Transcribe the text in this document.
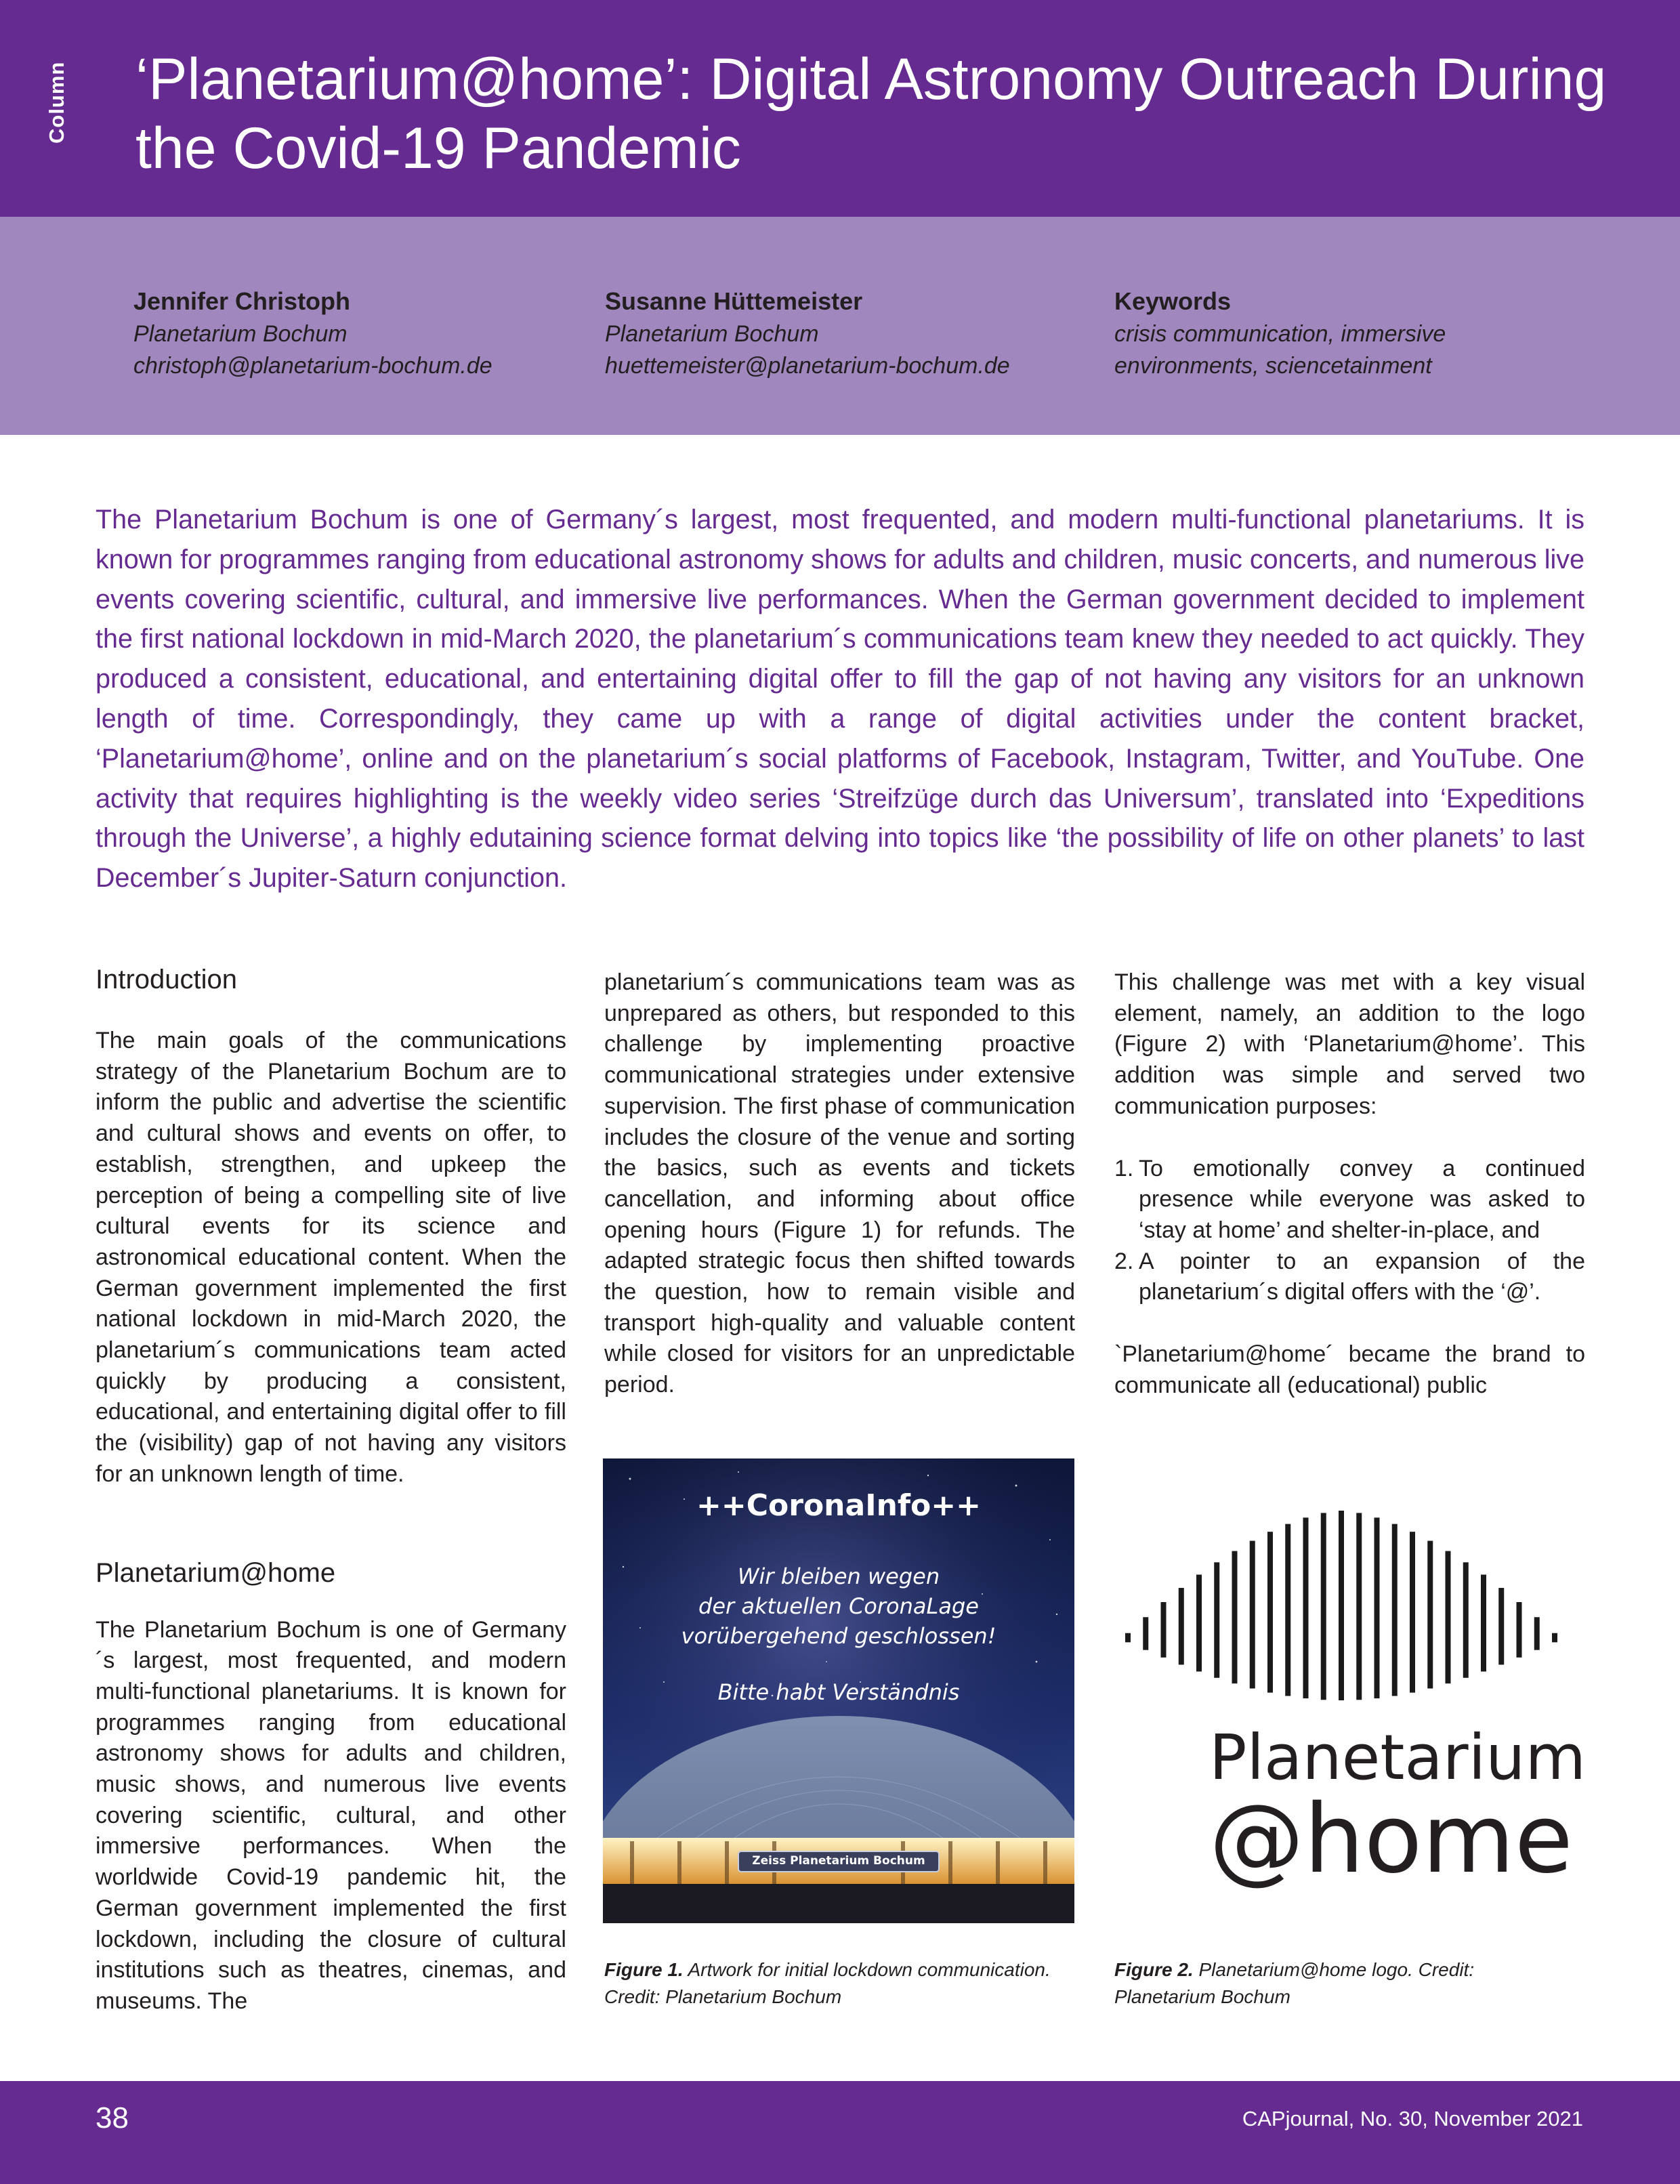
Column ‘Planetarium@home’: Digital Astronomy Outreach During the Covid-19 Pandemic
Jennifer Christoph
Planetarium Bochum
christoph@planetarium-bochum.de
Susanne Hüttemeister
Planetarium Bochum
huettemeister@planetarium-bochum.de
Keywords
crisis communication, immersive
environments, sciencetainment

The Planetarium Bochum is one of Germany´s largest, most frequented, and modern multi-functional planetariums. It is known for programmes ranging from educational astronomy shows for adults and children, music concerts, and numerous live events covering scientific, cultural, and immersive live performances. When the German government decided to implement the first national lockdown in mid-March 2020, the planetarium´s communications team knew they needed to act quickly. They produced a consistent, educational, and entertaining digital offer to fill the gap of not having any visitors for an unknown length of time. Correspondingly, they came up with a range of digital activities under the content bracket, ‘Planetarium@home’, online and on the planetarium´s social platforms of Facebook, Instagram, Twitter, and YouTube. One activity that requires highlighting is the weekly video series ‘Streifzüge durch das Universum’, translated into ‘Expeditions through the Universe’, a highly edutaining science format delving into topics like ‘the possibility of life on other planets’ to last December´s Jupiter-Saturn conjunction.

Introduction

The main goals of the communications strategy of the Planetarium Bochum are to inform the public and advertise the scientific and cultural shows and events on offer, to establish, strengthen, and upkeep the perception of being a compelling site of live cultural events for its science and astronomical educational content. When the German government implemented the first national lockdown in mid-March 2020, the planetarium´s communications team acted quickly by producing a consistent, educational, and entertaining digital offer to fill the (visibility) gap of not having any visitors for an unknown length of time.

Planetarium@home

The Planetarium Bochum is one of Germany´s largest, most frequented, and modern multi-functional planetariums. It is known for programmes ranging from educational astronomy shows for adults and children, music shows, and numerous live events covering scientific, cultural, and other immersive performances. When the worldwide Covid-19 pandemic hit, the German government implemented the first lockdown, including the closure of cultural institutions such as theatres, cinemas, and museums. The

planetarium´s communications team was as unprepared as others, but responded to this challenge by implementing proactive communicational strategies under extensive supervision. The first phase of communication includes the closure of the venue and sorting the basics, such as events and tickets cancellation, and informing about office opening hours (Figure 1) for refunds. The adapted strategic focus then shifted towards the question, how to remain visible and transport high-quality and valuable content while closed for visitors for an unpredictable period.

This challenge was met with a key visual element, namely, an addition to the logo (Figure 2) with ‘Planetarium@home’. This addition was simple and served two communication purposes:

1. To emotionally convey a continued presence while everyone was asked to ‘stay at home’ and shelter-in-place, and
2. A pointer to an expansion of the planetarium´s digital offers with the ‘@’.

`Planetarium@home´ became the brand to communicate all (educational) public

++CoronaInfo++
Wir bleiben wegen
der aktuellen CoronaLage
vorübergehend geschlossen!
Bitte habt Verständnis
Zeiss Planetarium Bochum
Planetarium
@home
Figure 1. Artwork for initial lockdown communication. Credit: Planetarium Bochum
Figure 2. Planetarium@home logo. Credit: Planetarium Bochum
38	CAPjournal, No. 30, November 2021
